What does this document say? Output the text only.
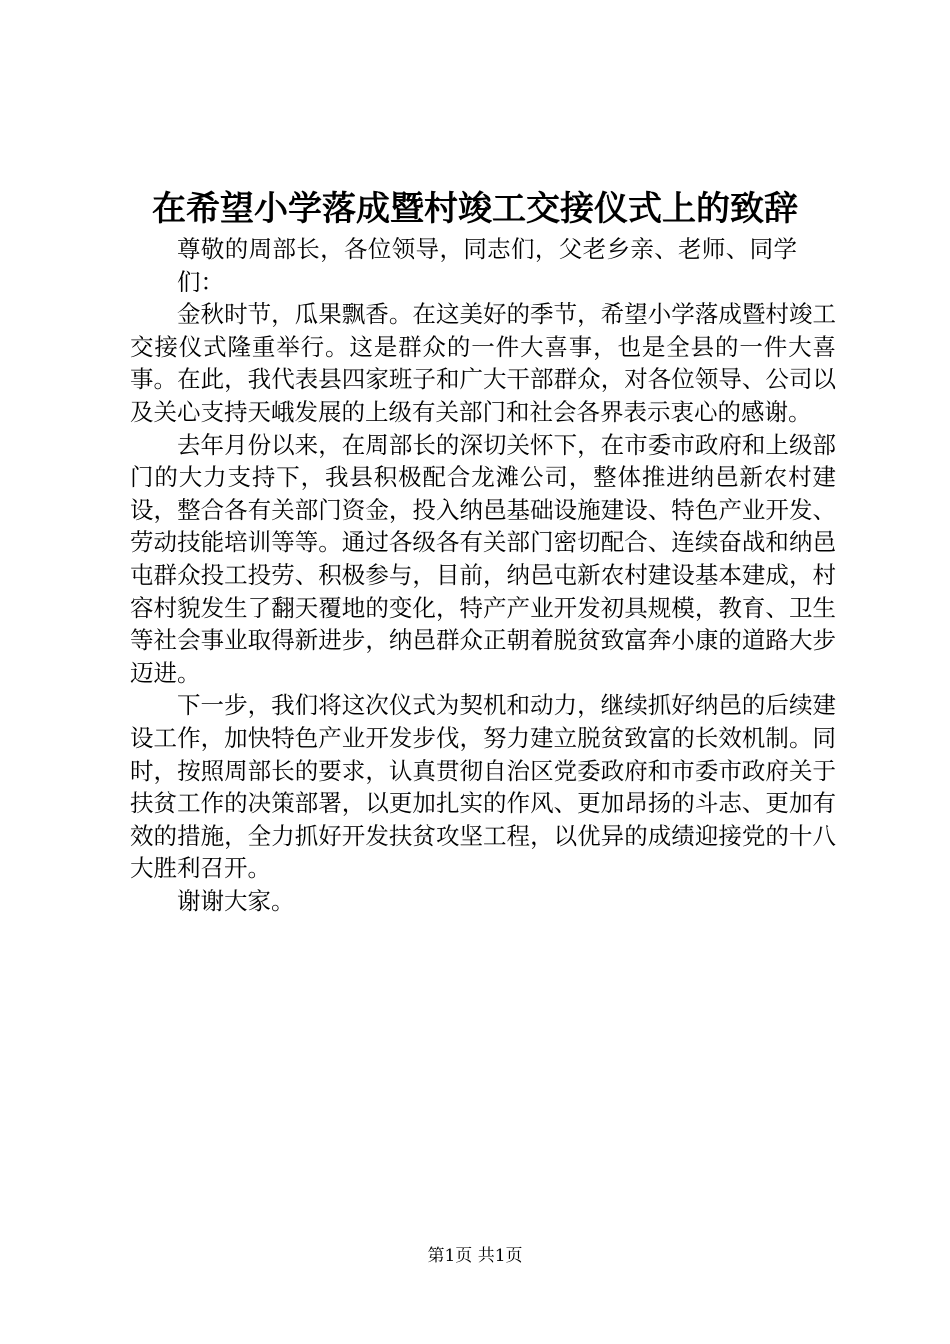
在希望小学落成暨村竣工交接仪式上的致辞

尊敬的周部长，各位领导，同志们，父老乡亲、老师、同学们：

金秋时节，瓜果飘香。在这美好的季节，希望小学落成暨村竣工交接仪式隆重举行。这是群众的一件大喜事，也是全县的一件大喜事。在此，我代表县四家班子和广大干部群众，对各位领导、公司以及关心支持天峨发展的上级有关部门和社会各界表示衷心的感谢。

去年月份以来，在周部长的深切关怀下，在市委市政府和上级部门的大力支持下，我县积极配合龙滩公司，整体推进纳邑新农村建设，整合各有关部门资金，投入纳邑基础设施建设、特色产业开发、劳动技能培训等等。通过各级各有关部门密切配合、连续奋战和纳邑屯群众投工投劳、积极参与，目前，纳邑屯新农村建设基本建成，村容村貌发生了翻天覆地的变化，特产产业开发初具规模，教育、卫生等社会事业取得新进步，纳邑群众正朝着脱贫致富奔小康的道路大步迈进。

下一步，我们将这次仪式为契机和动力，继续抓好纳邑的后续建设工作，加快特色产业开发步伐，努力建立脱贫致富的长效机制。同时，按照周部长的要求，认真贯彻自治区党委政府和市委市政府关于扶贫工作的决策部署，以更加扎实的作风、更加昂扬的斗志、更加有效的措施，全力抓好开发扶贫攻坚工程，以优异的成绩迎接党的十八大胜利召开。

谢谢大家。

第1页 共1页
